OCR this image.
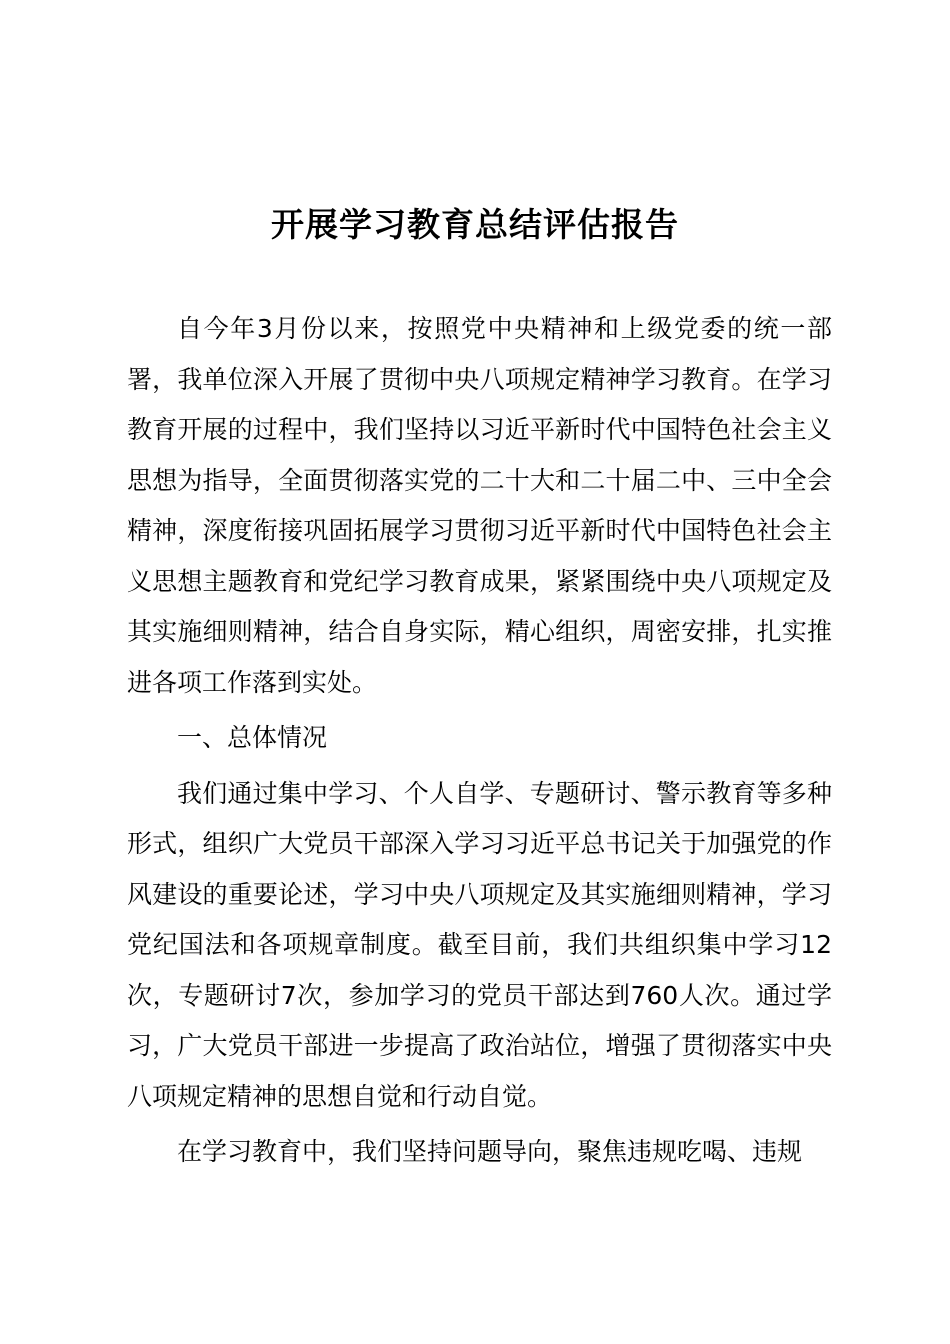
开展学习教育总结评估报告

自今年3月份以来，按照党中央精神和上级党委的统一部署，我单位深入开展了贯彻中央八项规定精神学习教育。在学习教育开展的过程中，我们坚持以习近平新时代中国特色社会主义思想为指导，全面贯彻落实党的二十大和二十届二中、三中全会精神，深度衔接巩固拓展学习贯彻习近平新时代中国特色社会主义思想主题教育和党纪学习教育成果，紧紧围绕中央八项规定及其实施细则精神，结合自身实际，精心组织，周密安排，扎实推进各项工作落到实处。

一、总体情况

我们通过集中学习、个人自学、专题研讨、警示教育等多种形式，组织广大党员干部深入学习习近平总书记关于加强党的作风建设的重要论述，学习中央八项规定及其实施细则精神，学习党纪国法和各项规章制度。截至目前，我们共组织集中学习12次，专题研讨7次，参加学习的党员干部达到760人次。通过学习，广大党员干部进一步提高了政治站位，增强了贯彻落实中央八项规定精神的思想自觉和行动自觉。

在学习教育中，我们坚持问题导向，聚焦违规吃喝、违规
